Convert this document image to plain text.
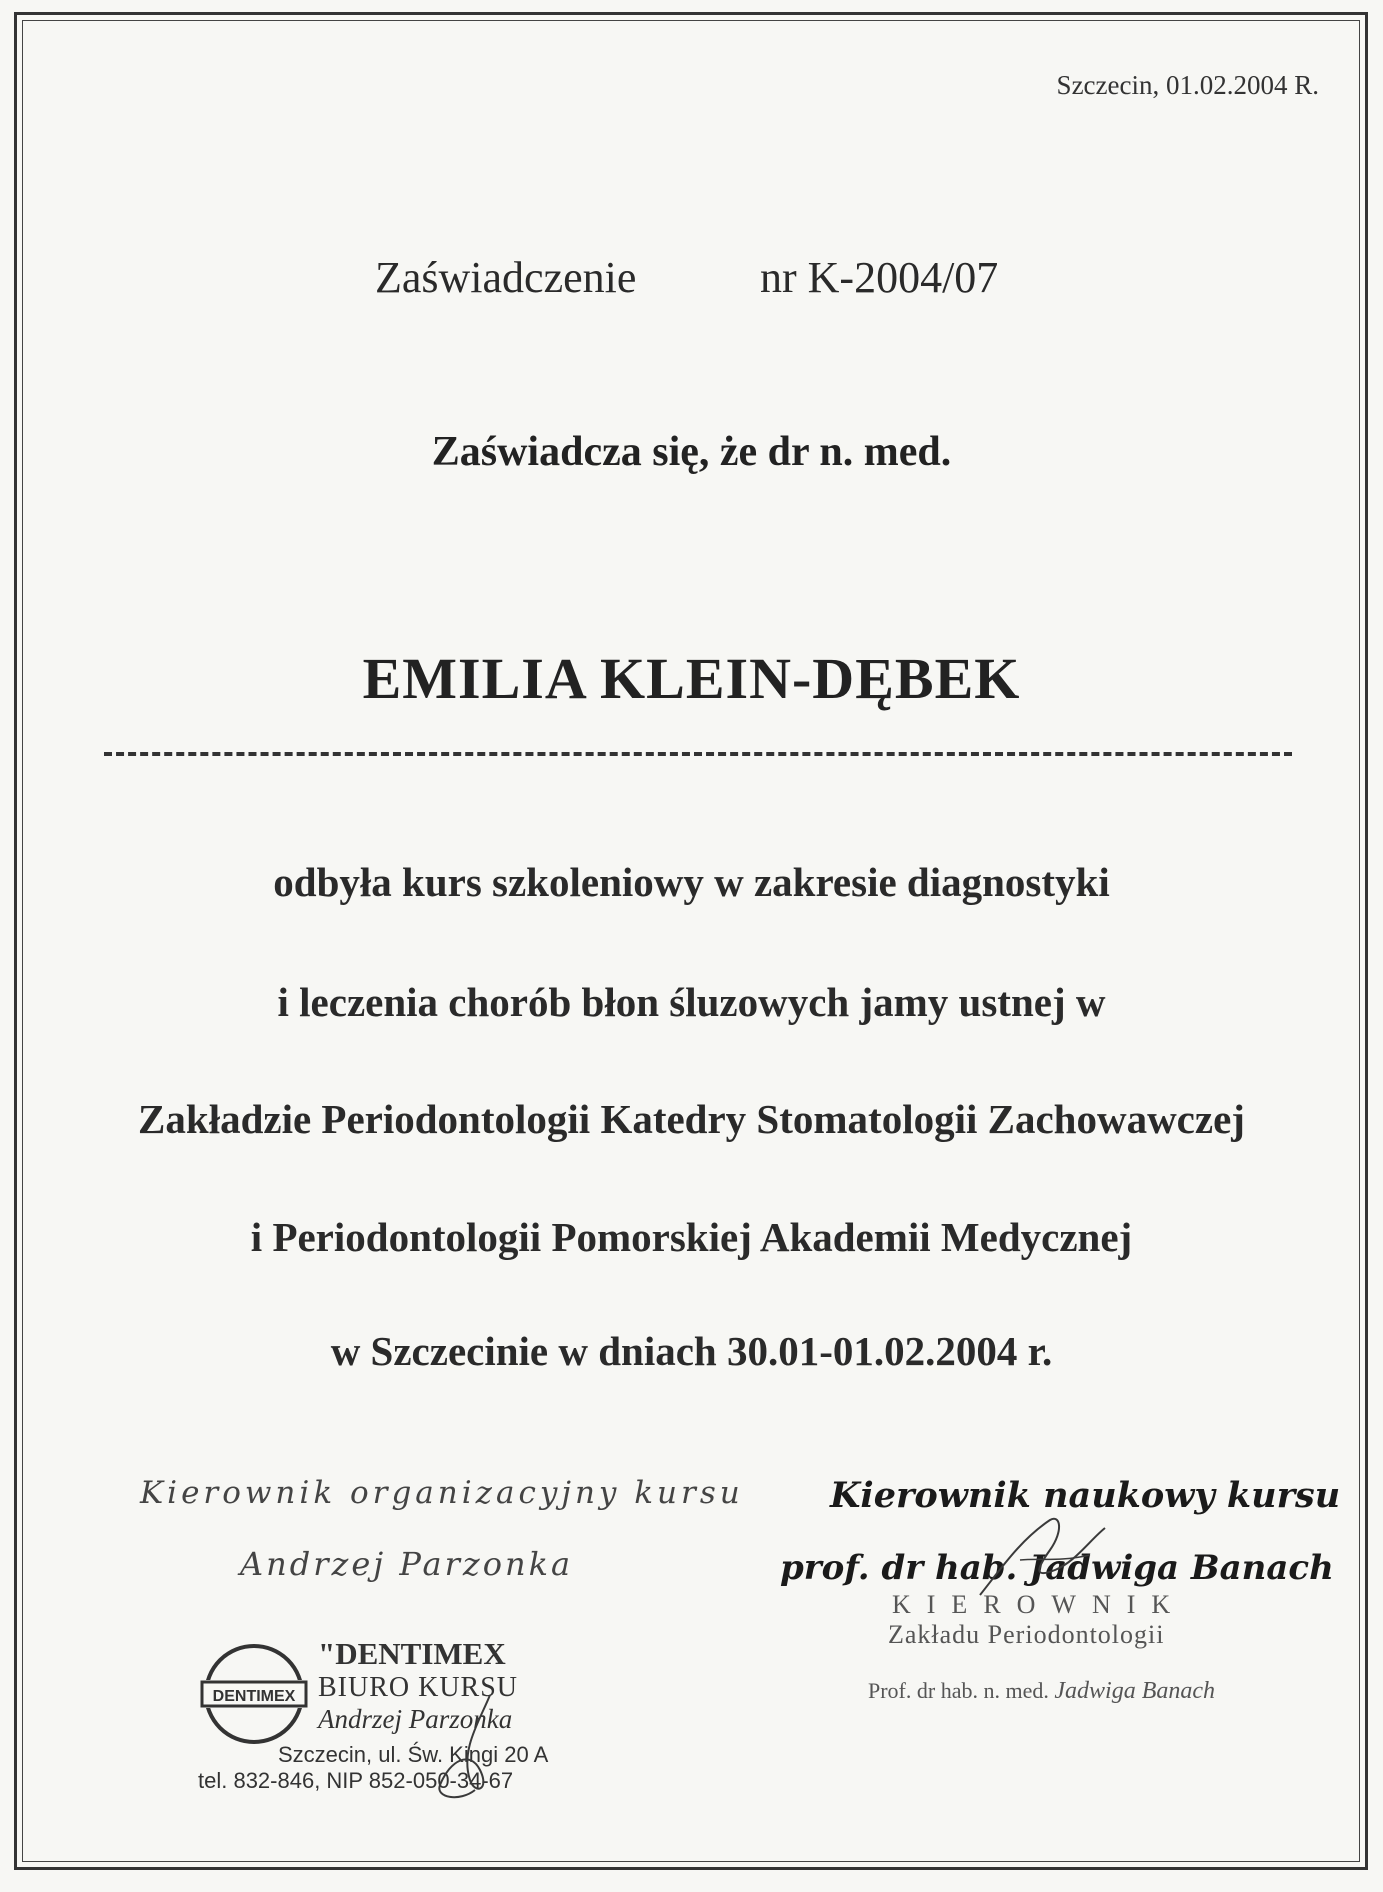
Szczecin, 01.02.2004 R.
Zaświadczenie	nr K-2004/07
Zaświadcza się, że dr n. med.
EMILIA KLEIN-DĘBEK
odbyła kurs szkoleniowy w zakresie diagnostyki
i leczenia chorób błon śluzowych jamy ustnej w
Zakładzie Periodontologii Katedry Stomatologii Zachowawczej
i Periodontologii Pomorskiej Akademii Medycznej
w Szczecinie w dniach 30.01-01.02.2004 r.
Kierownik organizacyjny kursu
Andrzej Parzonka
Kierownik naukowy kursu
prof. dr hab. Jadwiga Banach
KIEROWNIK
Zakładu Periodontologii
Prof. dr hab. n. med. Jadwiga Banach
DENTIMEX
"DENTIMEX
BIURO KURSU
Andrzej Parzonka
Szczecin, ul. Św. Kingi 20 A
tel. 832-846, NIP 852-050-34-67
